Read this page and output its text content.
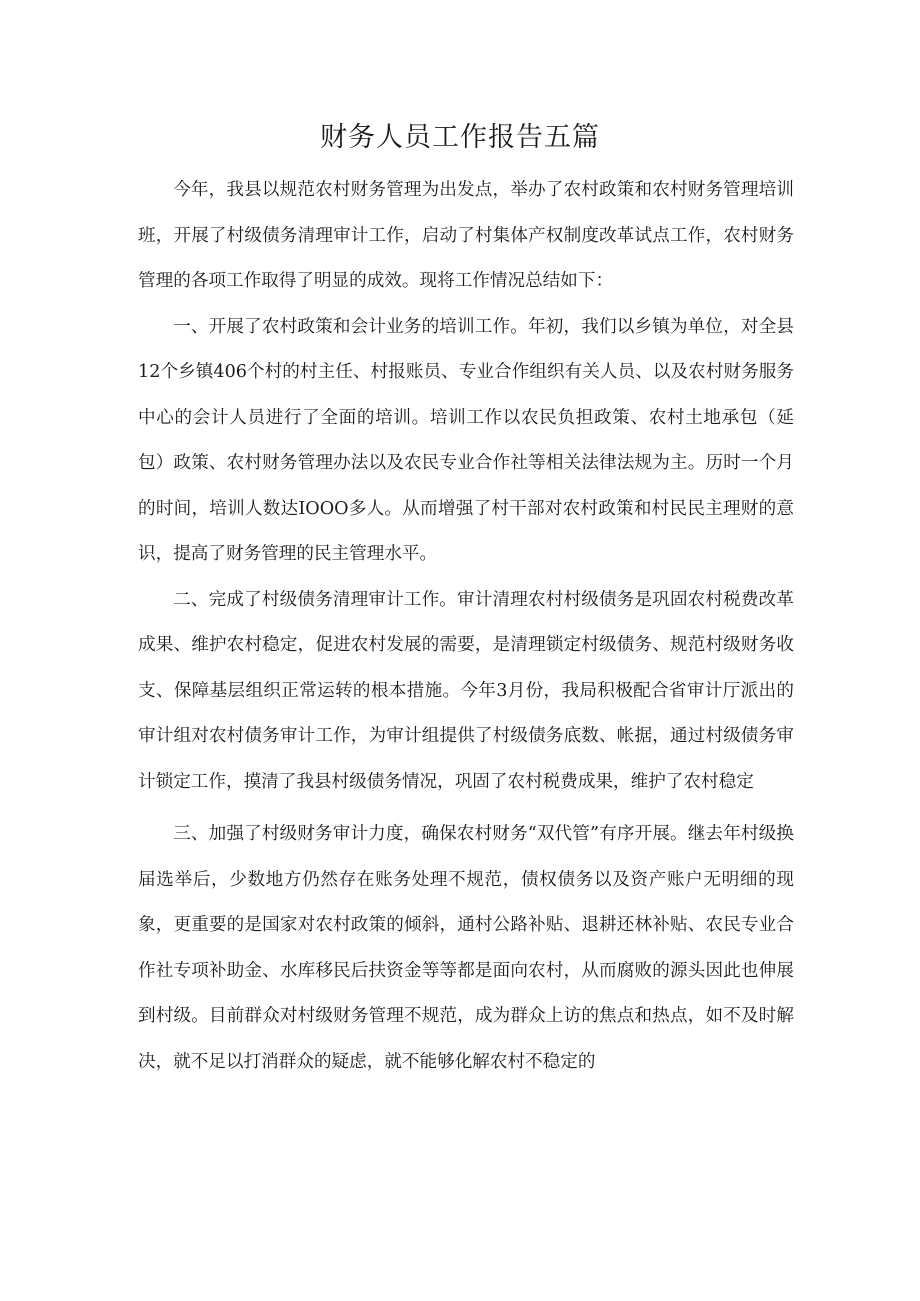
财务人员工作报告五篇

今年，我县以规范农村财务管理为出发点，举办了农村政策和农村财务管理培训班，开展了村级债务清理审计工作，启动了村集体产权制度改革试点工作，农村财务管理的各项工作取得了明显的成效。现将工作情况总结如下：

一、开展了农村政策和会计业务的培训工作。年初，我们以乡镇为单位，对全县12个乡镇406个村的村主任、村报账员、专业合作组织有关人员、以及农村财务服务中心的会计人员进行了全面的培训。培训工作以农民负担政策、农村土地承包（延包）政策、农村财务管理办法以及农民专业合作社等相关法律法规为主。历时一个月的时间，培训人数达IOOO多人。从而增强了村干部对农村政策和村民民主理财的意识，提高了财务管理的民主管理水平。

二、完成了村级债务清理审计工作。审计清理农村村级债务是巩固农村税费改革成果、维护农村稳定，促进农村发展的需要，是清理锁定村级债务、规范村级财务收支、保障基层组织正常运转的根本措施。今年3月份，我局积极配合省审计厅派出的审计组对农村债务审计工作，为审计组提供了村级债务底数、帐据，通过村级债务审计锁定工作，摸清了我县村级债务情况，巩固了农村税费成果，维护了农村稳定

三、加强了村级财务审计力度，确保农村财务“双代管”有序开展。继去年村级换届选举后，少数地方仍然存在账务处理不规范，债权债务以及资产账户无明细的现象，更重要的是国家对农村政策的倾斜，通村公路补贴、退耕还林补贴、农民专业合作社专项补助金、水库移民后扶资金等等都是面向农村，从而腐败的源头因此也伸展到村级。目前群众对村级财务管理不规范，成为群众上访的焦点和热点，如不及时解决，就不足以打消群众的疑虑，就不能够化解农村不稳定的
